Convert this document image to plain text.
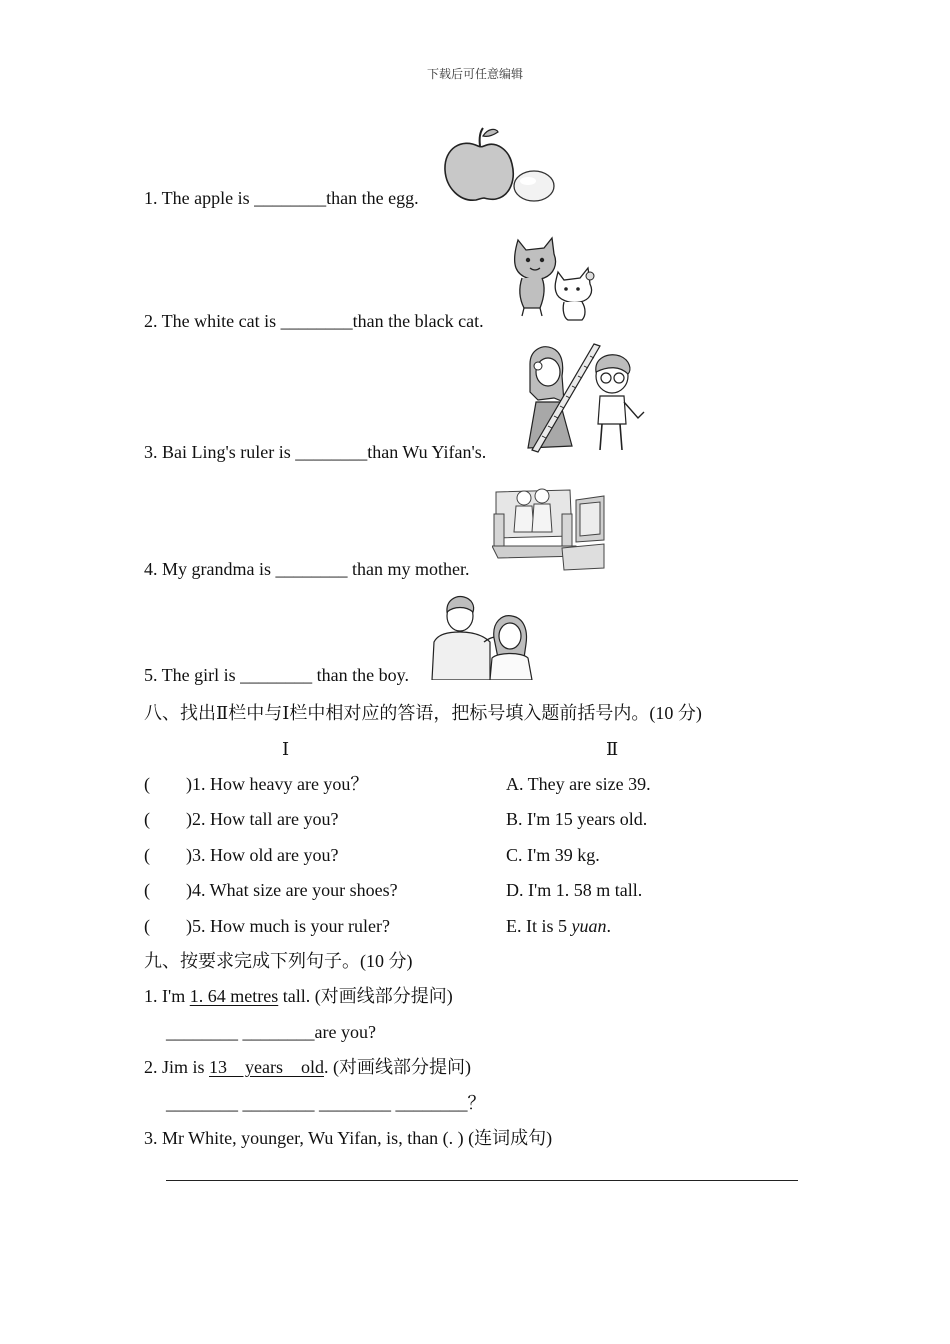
下载后可任意编辑
1. The apple is ________than the egg.
2. The white cat is ________than the black cat.
3. Bai Ling's ruler is ________than Wu Yifan's.
4. My grandma is ________ than my mother.
5. The girl is ________ than the boy.
八、找出Ⅱ栏中与Ⅰ栏中相对应的答语，把标号填入题前括号内。(10 分)
Ⅰ	Ⅱ
(　　)1. How heavy are you？
(　　)2. How tall are you?
(　　)3. How old are you?
(　　)4. What size are your shoes?
(　　)5. How much is your ruler?
A. They are size 39.
B. I'm 15 years old.
C. I'm 39 kg.
D. I'm 1. 58 m tall.
E. It is 5 yuan.
九、按要求完成下列句子。(10 分)
1. I'm 1. 64 metres tall. (对画线部分提问)
________ ________are you?
2. Jim is 13　years　old. (对画线部分提问)
________ ________ ________ ________？
3. Mr White, younger, Wu Yifan, is, than (. ) (连词成句)
